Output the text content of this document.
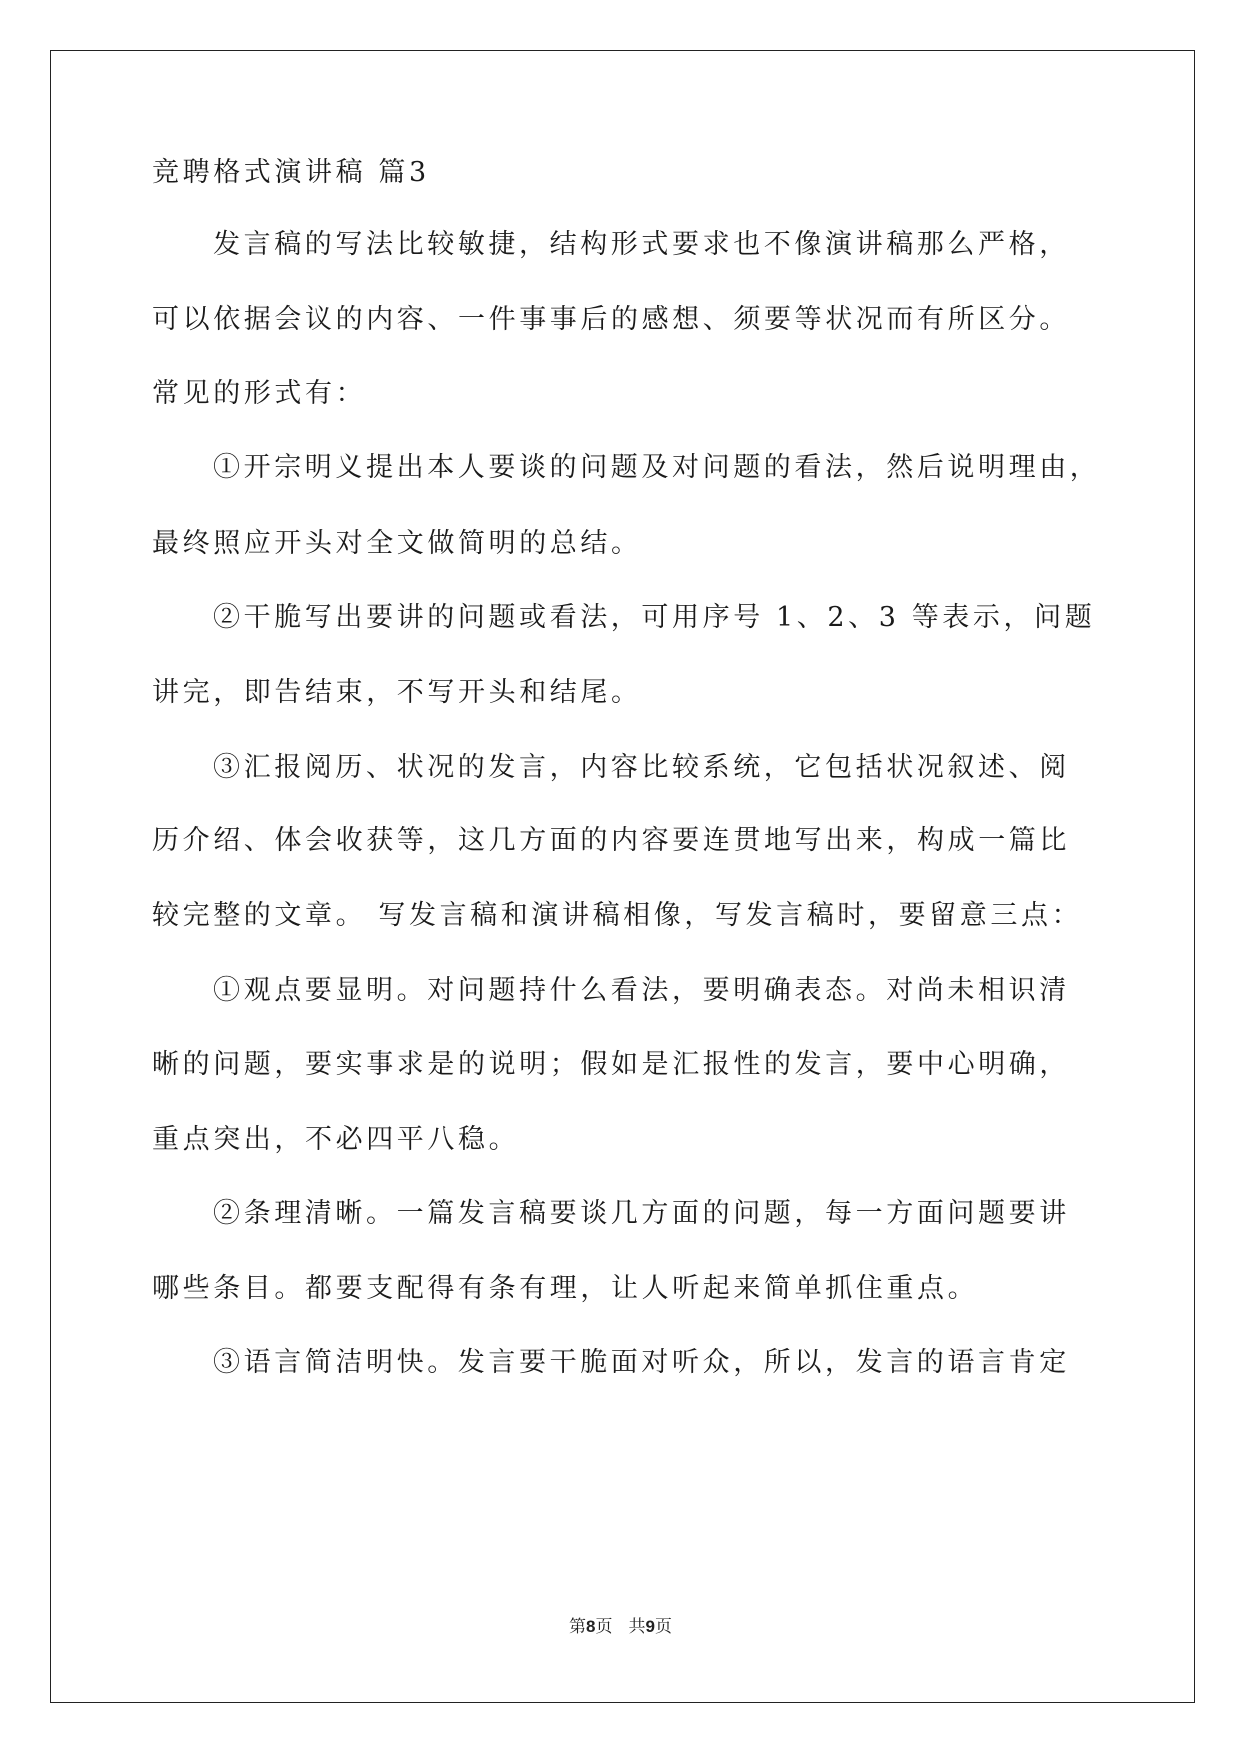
竞聘格式演讲稿 篇3
发言稿的写法比较敏捷，结构形式要求也不像演讲稿那么严格，
可以依据会议的内容、一件事事后的感想、须要等状况而有所区分。
常见的形式有：
①开宗明义提出本人要谈的问题及对问题的看法，然后说明理由，
最终照应开头对全文做简明的总结。
②干脆写出要讲的问题或看法，可用序号 1、2、3 等表示，问题
讲完，即告结束，不写开头和结尾。
③汇报阅历、状况的发言，内容比较系统，它包括状况叙述、阅
历介绍、体会收获等，这几方面的内容要连贯地写出来，构成一篇比
较完整的文章。 写发言稿和演讲稿相像，写发言稿时，要留意三点：
①观点要显明。对问题持什么看法，要明确表态。对尚未相识清
晰的问题，要实事求是的说明；假如是汇报性的发言，要中心明确，
重点突出，不必四平八稳。
②条理清晰。一篇发言稿要谈几方面的问题，每一方面问题要讲
哪些条目。都要支配得有条有理，让人听起来简单抓住重点。
③语言简洁明快。发言要干脆面对听众，所以，发言的语言肯定
第8页 共9页
